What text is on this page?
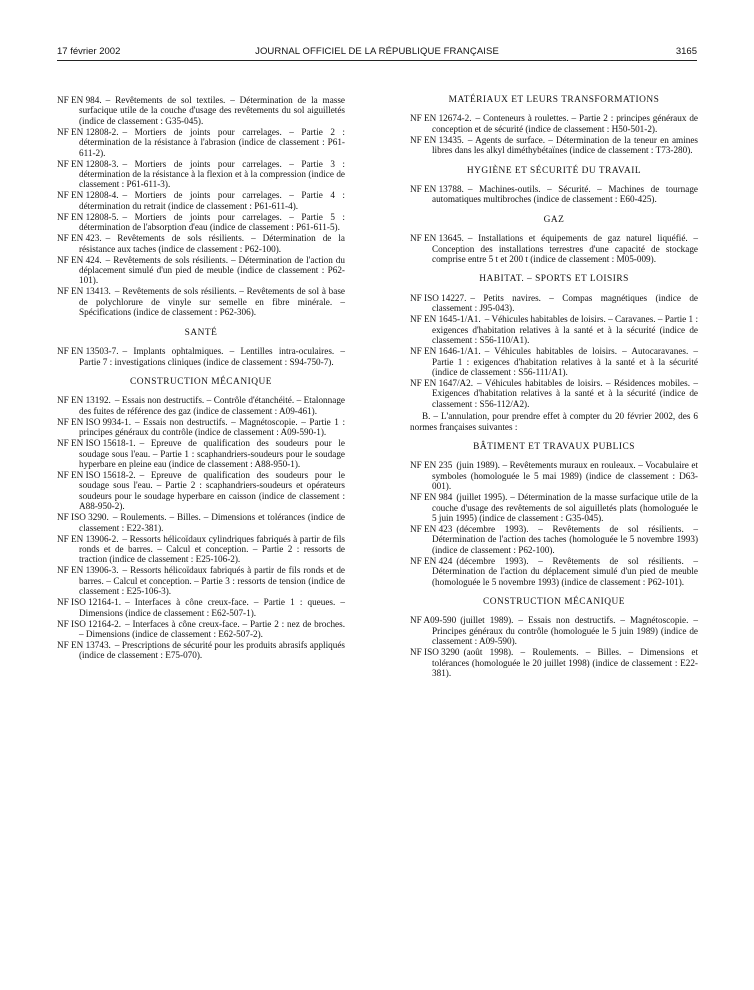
17 février 2002	JOURNAL OFFICIEL DE LA RÉPUBLIQUE FRANÇAISE	3165
NF EN 984. – Revêtements de sol textiles. – Détermination de la masse surfacique utile de la couche d'usage des revêtements du sol aiguilletés (indice de classement : G35-045).
NF EN 12808-2. – Mortiers de joints pour carrelages. – Partie 2 : détermination de la résistance à l'abrasion (indice de classement : P61-611-2).
NF EN 12808-3. – Mortiers de joints pour carrelages. – Partie 3 : détermination de la résistance à la flexion et à la compression (indice de classement : P61-611-3).
NF EN 12808-4. – Mortiers de joints pour carrelages. – Partie 4 : détermination du retrait (indice de classement : P61-611-4).
NF EN 12808-5. – Mortiers de joints pour carrelages. – Partie 5 : détermination de l'absorption d'eau (indice de classement : P61-611-5).
NF EN 423. – Revêtements de sols résilients. – Détermination de la résistance aux taches (indice de classement : P62-100).
NF EN 424. – Revêtements de sols résilients. – Détermination de l'action du déplacement simulé d'un pied de meuble (indice de classement : P62-101).
NF EN 13413. – Revêtements de sols résilients. – Revêtements de sol à base de polychlorure de vinyle sur semelle en fibre minérale. – Spécifications (indice de classement : P62-306).
SANTÉ
NF EN 13503-7. – Implants ophtalmiques. – Lentilles intra-oculaires. – Partie 7 : investigations cliniques (indice de classement : S94-750-7).
CONSTRUCTION MÉCANIQUE
NF EN 13192. – Essais non destructifs. – Contrôle d'étanchéité. – Etalonnage des fuites de référence des gaz (indice de classement : A09-461).
NF EN ISO 9934-1. – Essais non destructifs. – Magnétoscopie. – Partie 1 : principes généraux du contrôle (indice de classement : A09-590-1).
NF EN ISO 15618-1. – Epreuve de qualification des soudeurs pour le soudage sous l'eau. – Partie 1 : scaphandriers-soudeurs pour le soudage hyperbare en pleine eau (indice de classement : A88-950-1).
NF EN ISO 15618-2. – Epreuve de qualification des soudeurs pour le soudage sous l'eau. – Partie 2 : scaphandriers-soudeurs et opérateurs soudeurs pour le soudage hyperbare en caisson (indice de classement : A88-950-2).
NF ISO 3290. – Roulements. – Billes. – Dimensions et tolérances (indice de classement : E22-381).
NF EN 13906-2. – Ressorts hélicoïdaux cylindriques fabriqués à partir de fils ronds et de barres. – Calcul et conception. – Partie 2 : ressorts de traction (indice de classement : E25-106-2).
NF EN 13906-3. – Ressorts hélicoïdaux fabriqués à partir de fils ronds et de barres. – Calcul et conception. – Partie 3 : ressorts de tension (indice de classement : E25-106-3).
NF ISO 12164-1. – Interfaces à cône creux-face. – Partie 1 : queues. – Dimensions (indice de classement : E62-507-1).
NF ISO 12164-2. – Interfaces à cône creux-face. – Partie 2 : nez de broches. – Dimensions (indice de classement : E62-507-2).
NF EN 13743. – Prescriptions de sécurité pour les produits abrasifs appliqués (indice de classement : E75-070).
MATÉRIAUX ET LEURS TRANSFORMATIONS
NF EN 12674-2. – Conteneurs à roulettes. – Partie 2 : principes généraux de conception et de sécurité (indice de classement : H50-501-2).
NF EN 13435. – Agents de surface. – Détermination de la teneur en amines libres dans les alkyl diméthybétaïnes (indice de classement : T73-280).
HYGIÈNE ET SÉCURITÉ DU TRAVAIL
NF EN 13788. – Machines-outils. – Sécurité. – Machines de tournage automatiques multibroches (indice de classement : E60-425).
GAZ
NF EN 13645. – Installations et équipements de gaz naturel liquéfié. – Conception des installations terrestres d'une capacité de stockage comprise entre 5 t et 200 t (indice de classement : M05-009).
HABITAT. – SPORTS ET LOISIRS
NF ISO 14227. – Petits navires. – Compas magnétiques (indice de classement : J95-043).
NF EN 1645-1/A1. – Véhicules habitables de loisirs. – Caravanes. – Partie 1 : exigences d'habitation relatives à la santé et à la sécurité (indice de classement : S56-110/A1).
NF EN 1646-1/A1. – Véhicules habitables de loisirs. – Autocaravanes. – Partie 1 : exigences d'habitation relatives à la santé et à la sécurité (indice de classement : S56-111/A1).
NF EN 1647/A2. – Véhicules habitables de loisirs. – Résidences mobiles. – Exigences d'habitation relatives à la santé et à la sécurité (indice de classement : S56-112/A2).
B. – L'annulation, pour prendre effet à compter du 20 février 2002, des 6 normes françaises suivantes :
BÂTIMENT ET TRAVAUX PUBLICS
NF EN 235 (juin 1989). – Revêtements muraux en rouleaux. – Vocabulaire et symboles (homologuée le 5 mai 1989) (indice de classement : D63-001).
NF EN 984 (juillet 1995). – Détermination de la masse surfacique utile de la couche d'usage des revêtements de sol aiguilletés plats (homologuée le 5 juin 1995) (indice de classement : G35-045).
NF EN 423 (décembre 1993). – Revêtements de sol résilients. – Détermination de l'action des taches (homologuée le 5 novembre 1993) (indice de classement : P62-100).
NF EN 424 (décembre 1993). – Revêtements de sol résilients. – Détermination de l'action du déplacement simulé d'un pied de meuble (homologuée le 5 novembre 1993) (indice de classement : P62-101).
CONSTRUCTION MÉCANIQUE
NF A09-590 (juillet 1989). – Essais non destructifs. – Magnétoscopie. – Principes généraux du contrôle (homologuée le 5 juin 1989) (indice de classement : A09-590).
NF ISO 3290 (août 1998). – Roulements. – Billes. – Dimensions et tolérances (homologuée le 20 juillet 1998) (indice de classement : E22-381).
